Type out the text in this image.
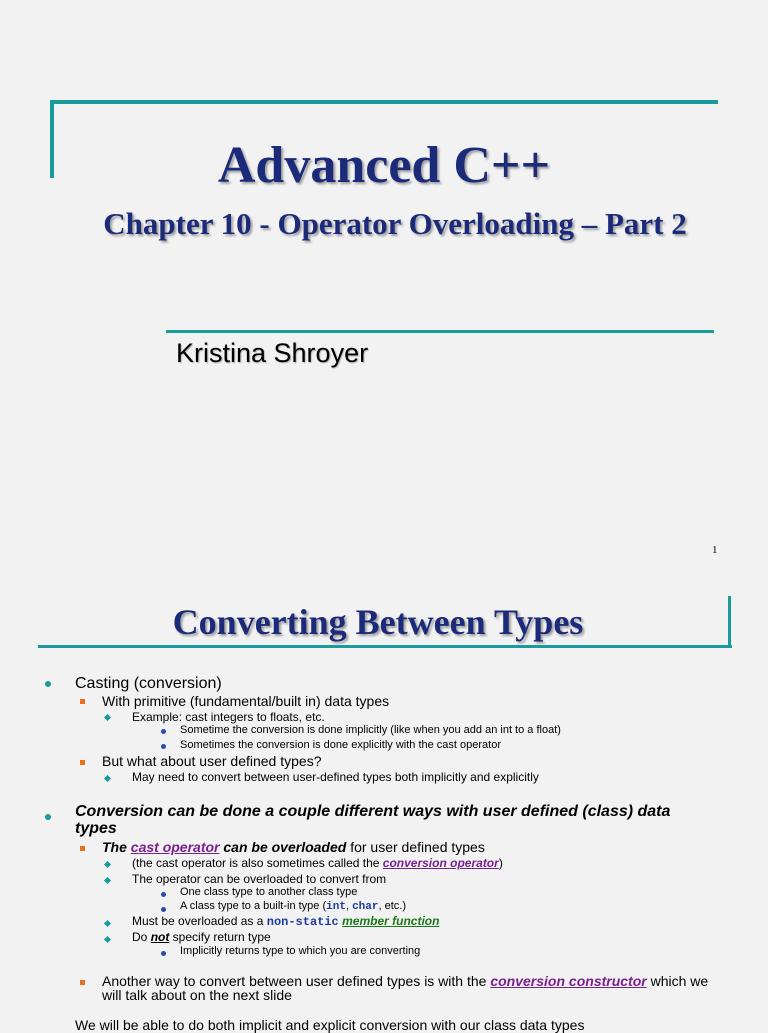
Advanced C++
Chapter 10 - Operator Overloading – Part 2
Kristina Shroyer
1
Converting Between Types
Casting (conversion)
With primitive (fundamental/built in) data types
Example: cast integers to floats, etc.
Sometime the conversion is done implicitly (like when you add an int to a float)
Sometimes the conversion is done explicitly with the cast operator
But what about user defined types?
May need to convert between user-defined types both implicitly and explicitly
Conversion can be done a couple different ways with user defined (class) data
types
The cast operator can be overloaded for user defined types
(the cast operator is also sometimes called the conversion operator)
The operator can be overloaded to convert from
One class type to another class type
A class type to a built-in type (int, char, etc.)
Must be overloaded as a non-static member function
Do not specify return type
Implicitly returns type to which you are converting
Another way to convert between user defined types is with the conversion constructor which we
will talk about on the next slide
We will be able to do both implicit and explicit conversion with our class data types
